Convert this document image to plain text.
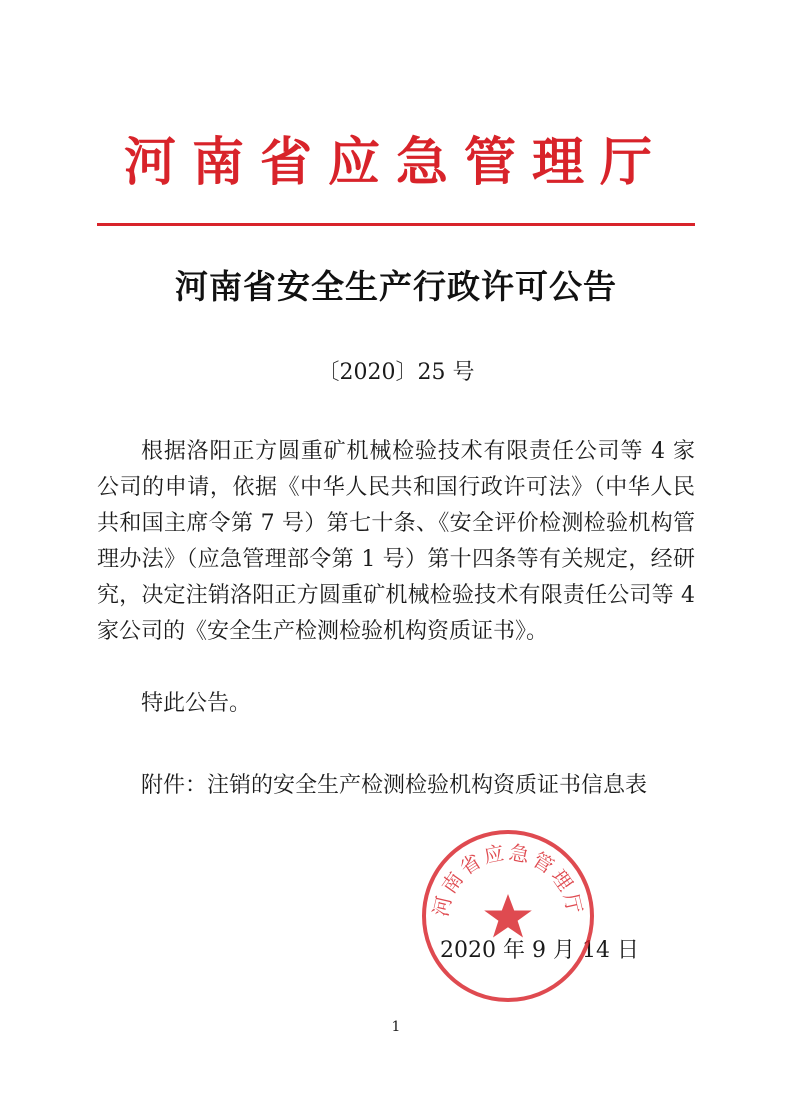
河南省应急管理厅
河南省安全生产行政许可公告
〔2020〕25 号
根据洛阳正方圆重矿机械检验技术有限责任公司等 4 家公司的申请，依据《中华人民共和国行政许可法》（中华人民共和国主席令第 7 号）第七十条、《安全评价检测检验机构管理办法》（应急管理部令第 1 号）第十四条等有关规定，经研究，决定注销洛阳正方圆重矿机械检验技术有限责任公司等 4 家公司的《安全生产检测检验机构资质证书》。
特此公告。
附件：注销的安全生产检测检验机构资质证书信息表
2020 年 9 月 14 日
河南省应急管理厅
1
